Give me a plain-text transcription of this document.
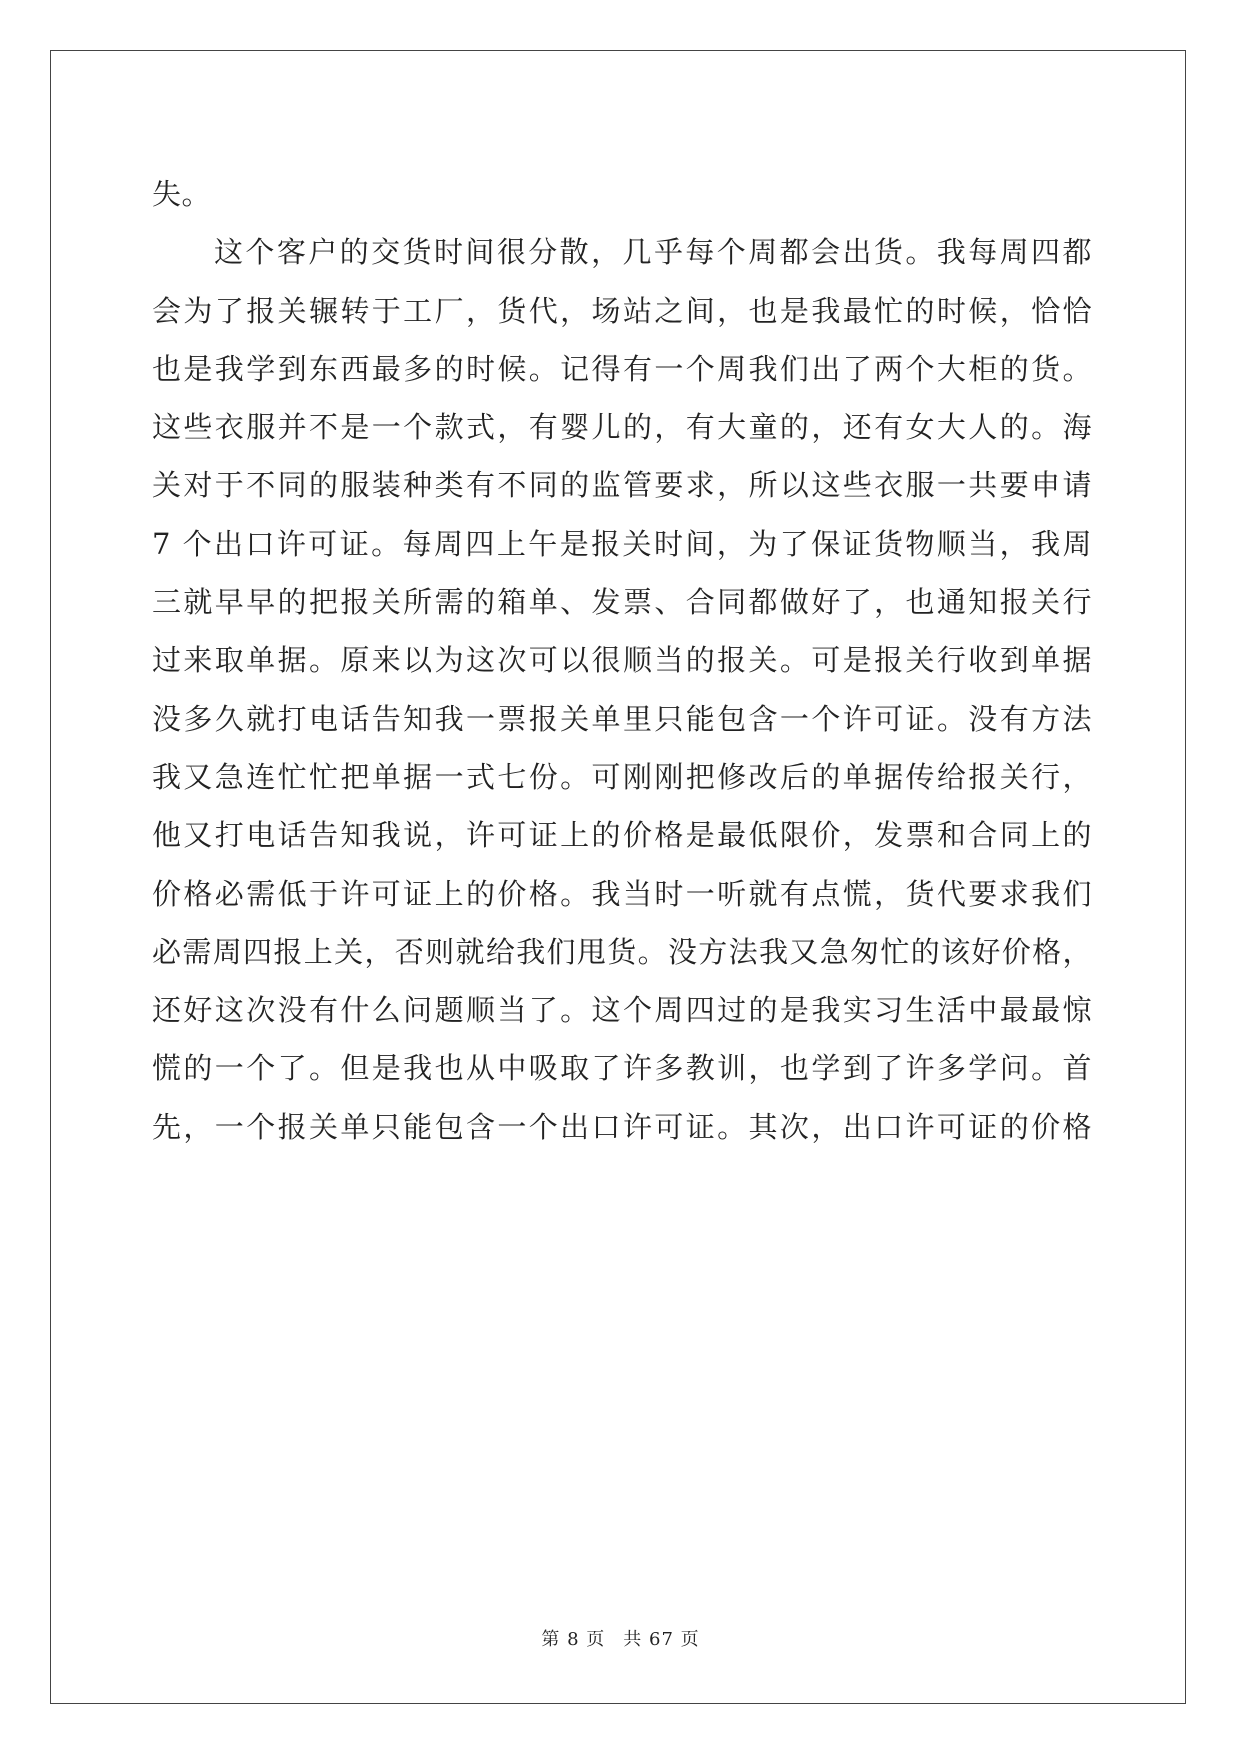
失。
这个客户的交货时间很分散，几乎每个周都会出货。我每周四都
会为了报关辗转于工厂，货代，场站之间，也是我最忙的时候，恰恰
也是我学到东西最多的时候。记得有一个周我们出了两个大柜的货。
这些衣服并不是一个款式，有婴儿的，有大童的，还有女大人的。海
关对于不同的服装种类有不同的监管要求，所以这些衣服一共要申请
7 个出口许可证。每周四上午是报关时间，为了保证货物顺当，我周
三就早早的把报关所需的箱单、发票、合同都做好了，也通知报关行
过来取单据。原来以为这次可以很顺当的报关。可是报关行收到单据
没多久就打电话告知我一票报关单里只能包含一个许可证。没有方法
我又急连忙忙把单据一式七份。可刚刚把修改后的单据传给报关行，
他又打电话告知我说，许可证上的价格是最低限价，发票和合同上的
价格必需低于许可证上的价格。我当时一听就有点慌，货代要求我们
必需周四报上关，否则就给我们甩货。没方法我又急匆忙的该好价格，
还好这次没有什么问题顺当了。这个周四过的是我实习生活中最最惊
慌的一个了。但是我也从中吸取了许多教训，也学到了许多学问。首
先，一个报关单只能包含一个出口许可证。其次，出口许可证的价格
第 8 页 共 67 页
